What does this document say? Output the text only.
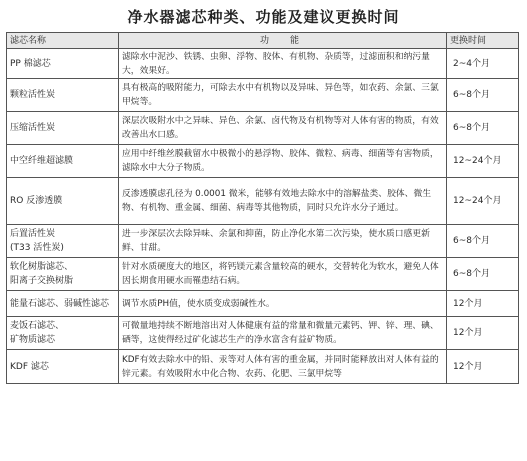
净水器滤芯种类、功能及建议更换时间
滤芯名称	功　能	更换时间

PP 棉滤芯	滤除水中泥沙、铁锈、虫卵、浮物、胶体、有机物、杂质等，过滤面积和纳污量大，效果好。	2~4个月

颗粒活性炭	具有极高的吸附能力，可除去水中有机物以及异味、异色等，如农药、余氯、三氯甲烷等。	6~8个月

压缩活性炭	深层次吸附水中之异味、异色、余氯、卤代物及有机物等对人体有害的物质，有效改善出水口感。	6~8个月

中空纤维超滤膜	应用中纤维丝膜截留水中极微小的悬浮物、胶体、微粒、病毒、细菌等有害物质，滤除水中大分子物质。	12~24个月

RO 反渗透膜	反渗透膜虑孔径为 0.0001 微米，能够有效地去除水中的溶解盐类、胶体、微生物、有机物、重金属、细菌、病毒等其他物质，同时只允许水分子通过。	12~24个月

后置活性炭
(T33 活性炭)	进一步深层次去除异味、余氯和抑菌，防止净化水第二次污染，使水质口感更新鲜、甘甜。	6~8个月

软化树脂滤芯、
阳离子交换树脂	针对水质硬度大的地区，将钙镁元素含量较高的硬水，交替转化为软水，避免人体因长期食用硬水而罹患结石病。	6~8个月

能量石滤芯、弱碱性滤芯	调节水质PH值，使水质变成弱碱性水。	12个月

麦饭石滤芯、
矿物质滤芯	可微量地持续不断地溶出对人体健康有益的常量和微量元素钙、钾、锌、理、碘、硒等，这使得经过矿化滤芯生产的净水富含有益矿物质。	12个月

KDF 滤芯	KDF有效去除水中的铅、汞等对人体有害的重金属，并同时能释放出对人体有益的锌元素。有效吸附水中化合物、农药、化肥、三氯甲烷等	12个月
